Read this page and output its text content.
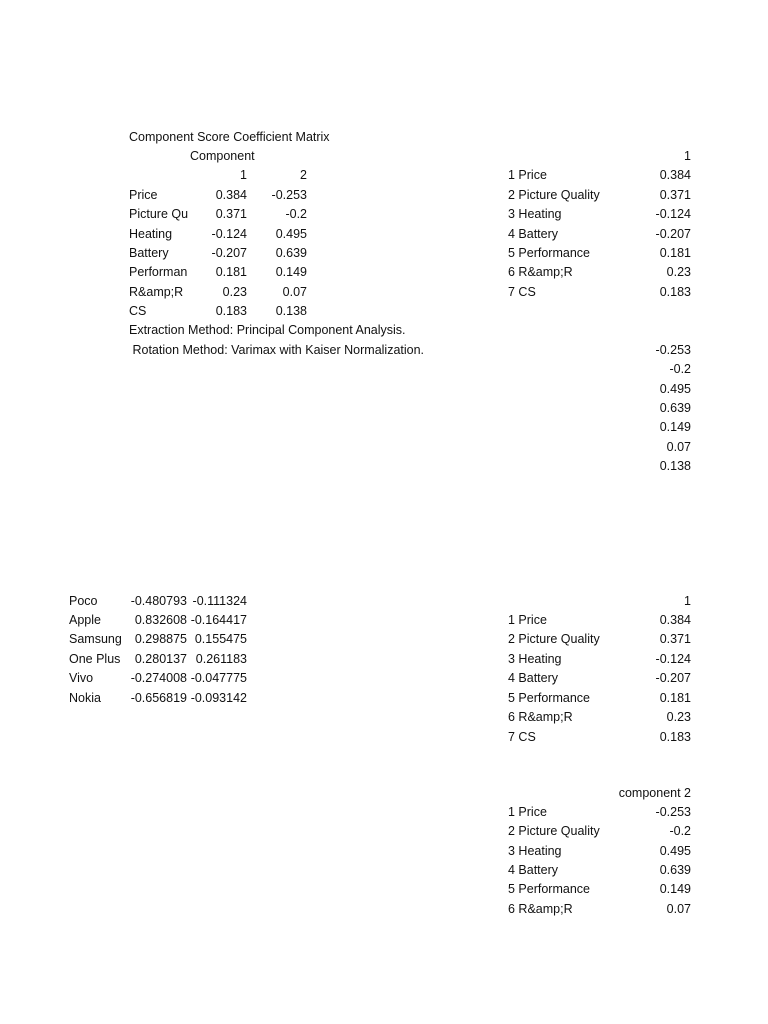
Component Score Coefficient Matrix
Component
1	2
Price	0.384	-0.253
Picture Qu	0.371	-0.2
Heating	-0.124	0.495
Battery	-0.207	0.639
Performan	0.181	0.149
R&amp;R	0.23	0.07
CS	0.183	0.138
Extraction Method: Principal Component Analysis.
Rotation Method: Varimax with Kaiser Normalization.
1
1 Price	0.384
2 Picture Quality	0.371
3 Heating	-0.124
4 Battery	-0.207
5 Performance	0.181
6 R&amp;R	0.23
7 CS	0.183
-0.253
-0.2
0.495
0.639
0.149
0.07
0.138
Poco	-0.480793 -0.111324
Apple	0.832608 -0.164417
Samsung	0.298875 0.155475
One Plus	0.280137 0.261183
Vivo	-0.274008 -0.047775
Nokia	-0.656819 -0.093142
1
1 Price	0.384
2 Picture Quality	0.371
3 Heating	-0.124
4 Battery	-0.207
5 Performance	0.181
6 R&amp;R	0.23
7 CS	0.183
component 2
1 Price	-0.253
2 Picture Quality	-0.2
3 Heating	0.495
4 Battery	0.639
5 Performance	0.149
6 R&amp;R	0.07
